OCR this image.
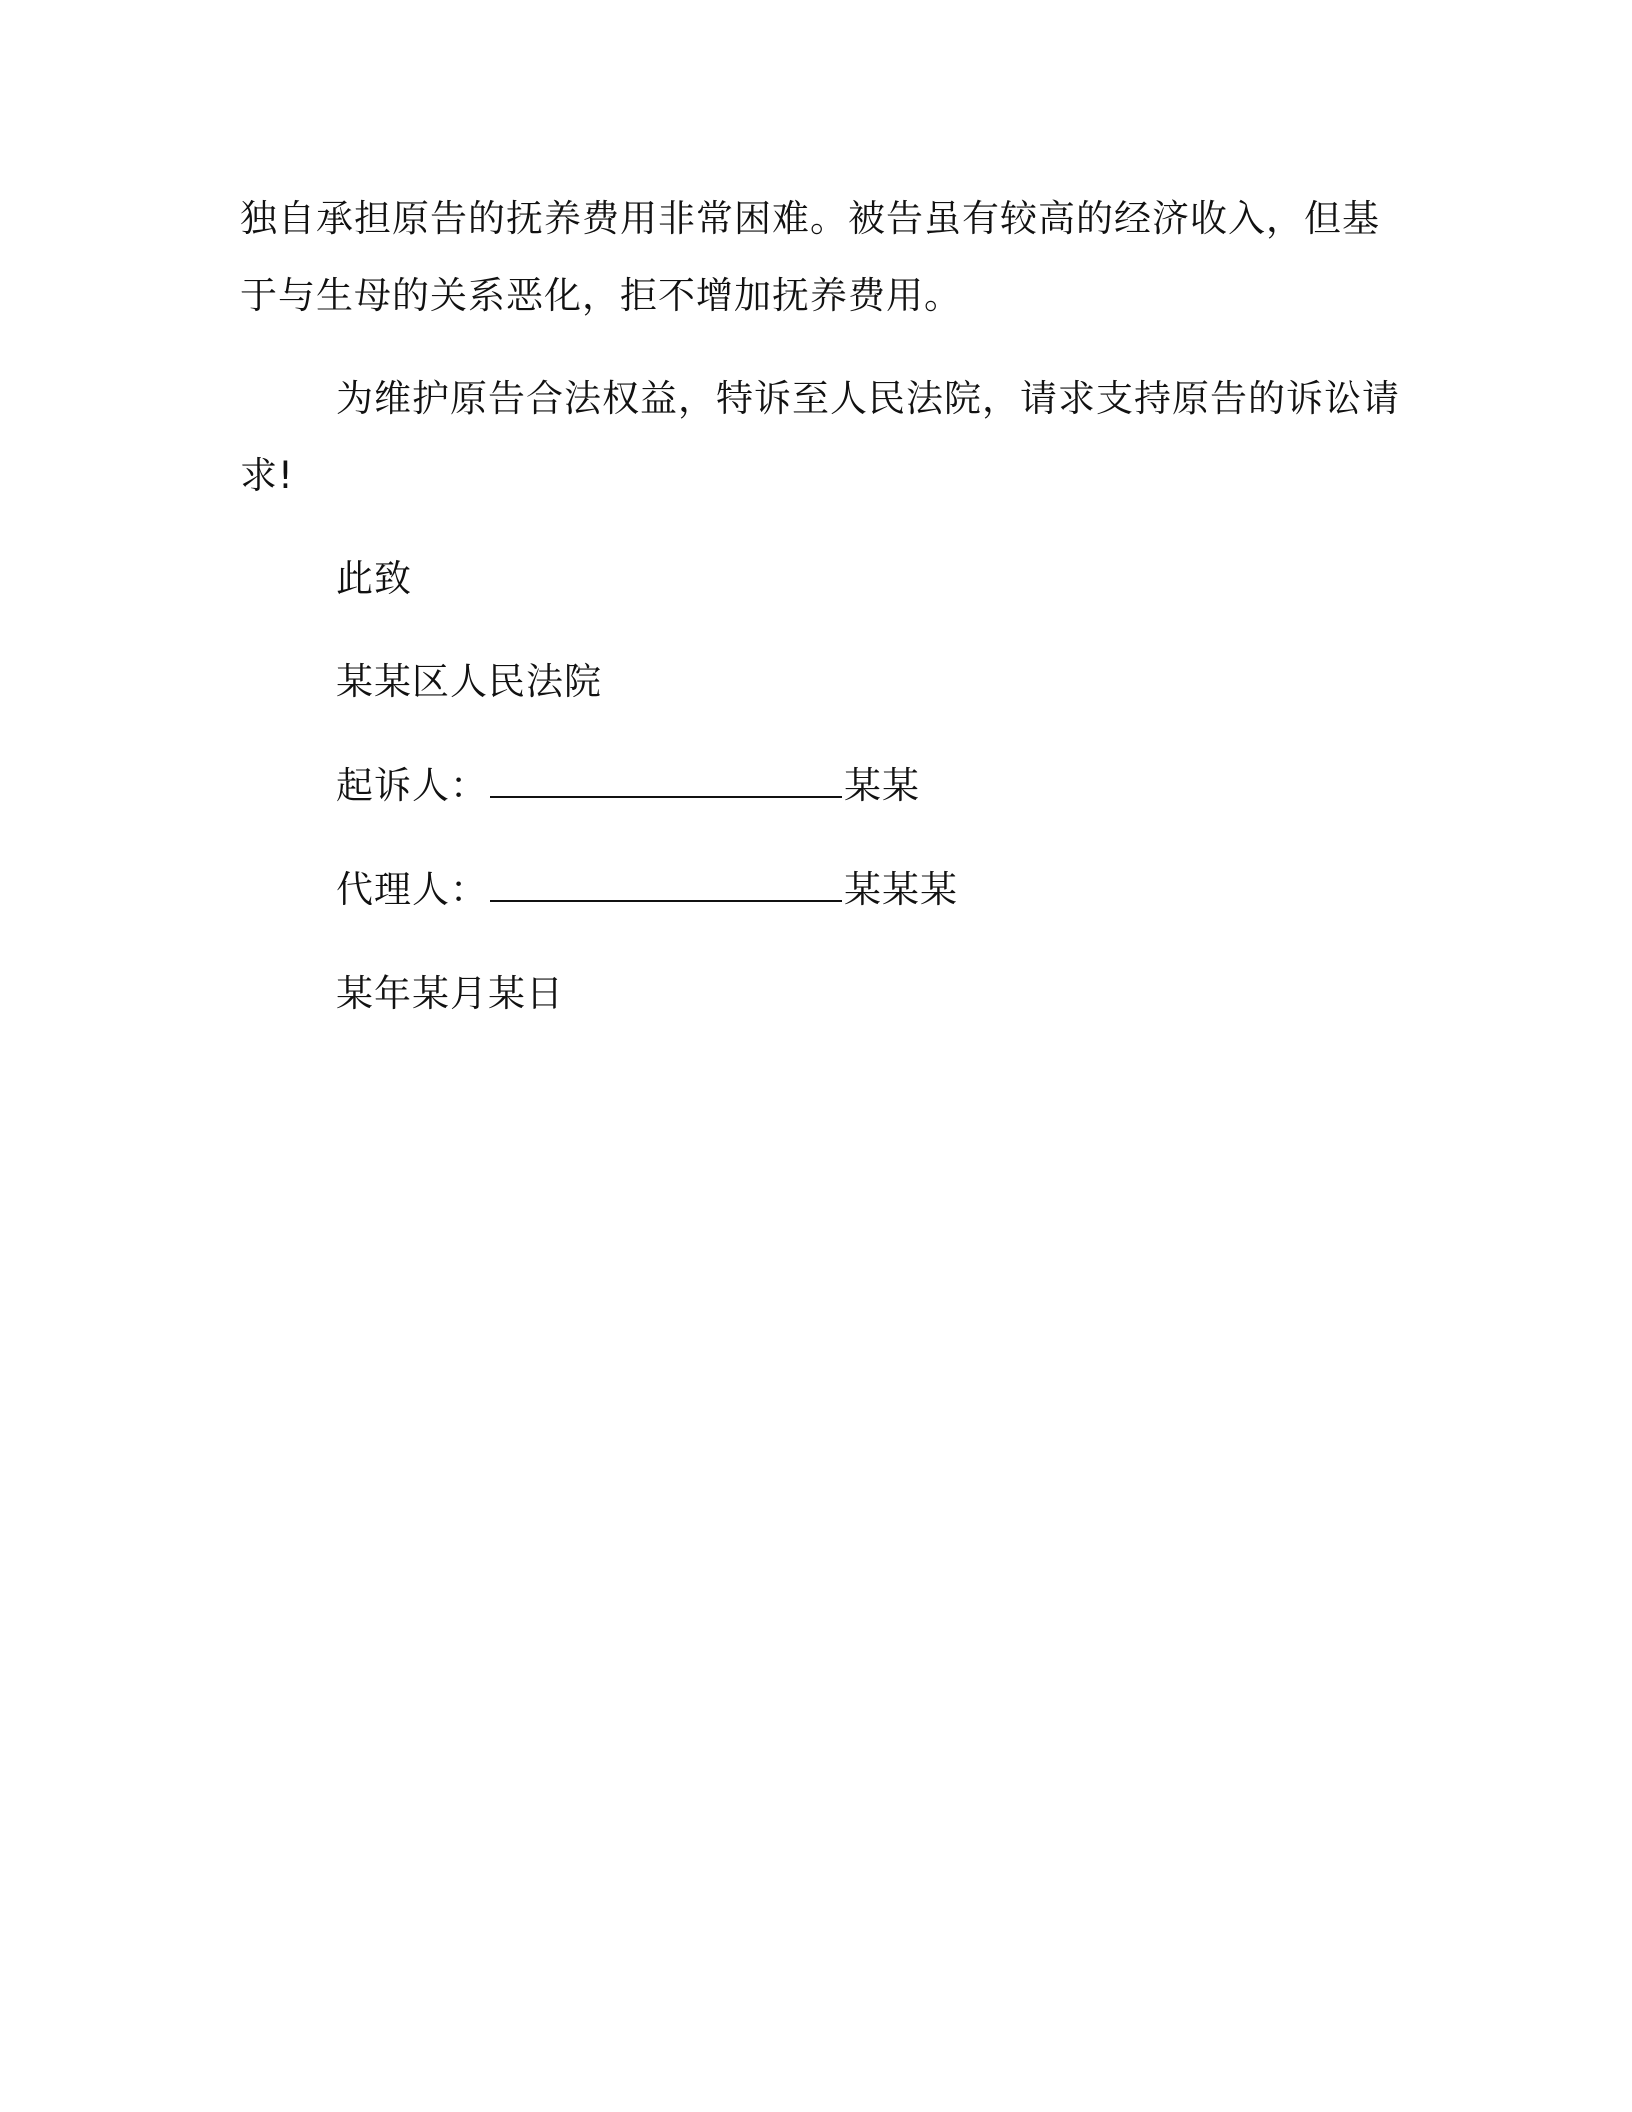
独自承担原告的抚养费用非常困难。被告虽有较高的经济收入，但基
于与生母的关系恶化，拒不增加抚养费用。
为维护原告合法权益，特诉至人民法院，请求支持原告的诉讼请
求!
此致
某某区人民法院
起诉人：	某某
代理人：	某某某
某年某月某日
